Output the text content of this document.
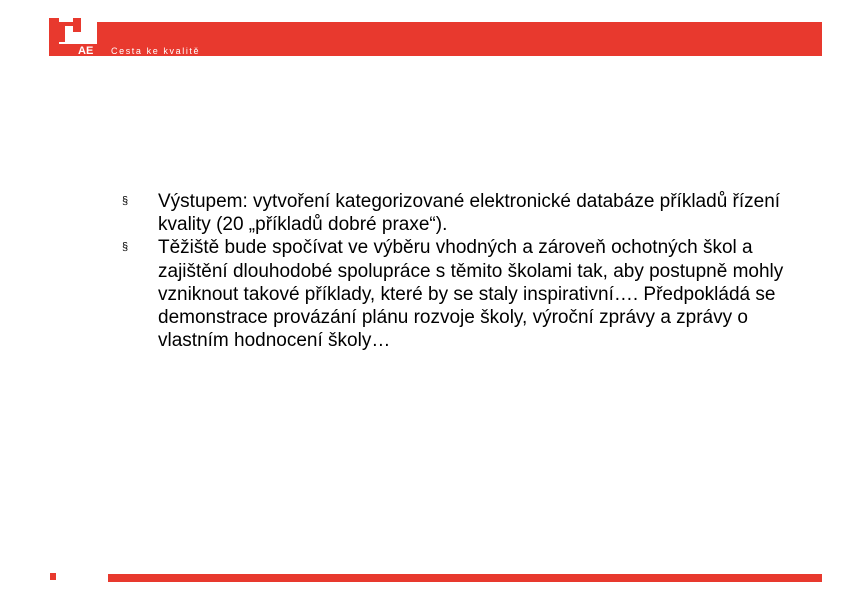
AE Cesta ke kvalitě

§ Výstupem: vytvoření kategorizované elektronické databáze příkladů řízení kvality (20 „příkladů dobré praxe“).

§ Těžiště bude spočívat ve výběru vhodných a zároveň ochotných škol a zajištění dlouhodobé spolupráce s těmito školami tak, aby postupně mohly vzniknout takové příklady, které by se staly inspirativní…. Předpokládá se demonstrace provázání plánu rozvoje školy, výroční zprávy a zprávy o vlastním hodnocení školy…
